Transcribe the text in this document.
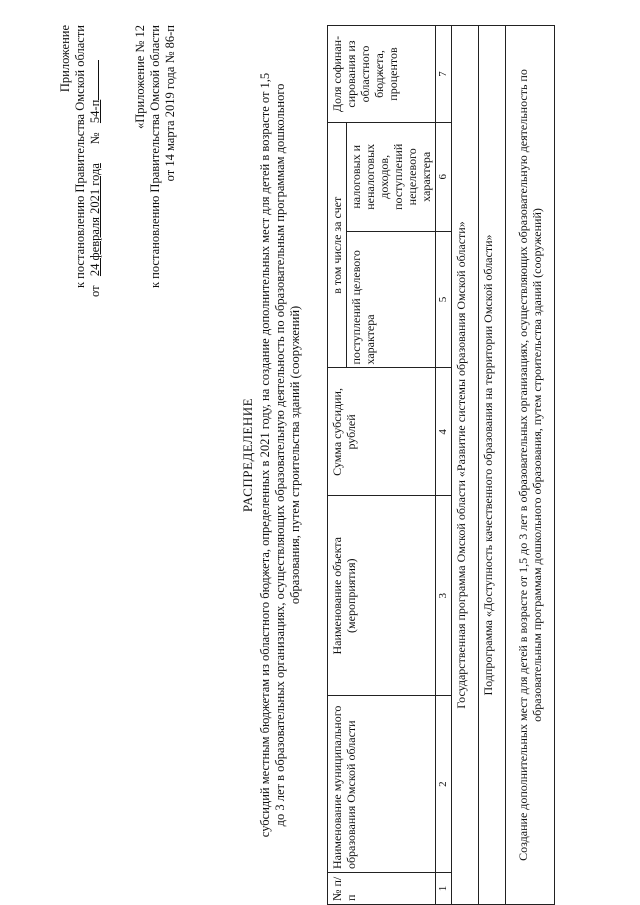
Приложение к постановлению Правительства Омской области
от   24 февраля 2021 года      №   54-п «Приложение № 12 к постановлению Правительства Омской области от 14 марта 2019 года № 86-п
РАСПРЕДЕЛЕНИЕ субсидий местным бюджетам из областного бюджета, определенных в 2021 году, на создание дополнительных мест для детей в возрасте от 1,5 до 3 лет в образовательных организациях, осуществляющих образовательную деятельность по образовательным программам дошкольного образования, путем строительства зданий (сооружений)
№ п/п	Наименование муниципального образования Омской области	Наименование объекта (мероприятия)	Сумма субсидии, рублей	в том числе за счет		Доля софинан-сирования из областного бюджета, процентов
				поступлений целевого характера	налоговых и неналоговых доходов, поступлений нецелевого характера	
1	2	3	4	5	6	7
Государственная программа Омской области «Развитие системы образования Омской области»						
Подпрограмма «Доступность качественного образования на территории Омской области»						
Создание дополнительных мест для детей в возрасте от 1,5 до 3 лет в образовательных организациях, осуществляющих образовательную деятельность по образовательным программам дошкольного образования, путем строительства зданий (сооружений)						
